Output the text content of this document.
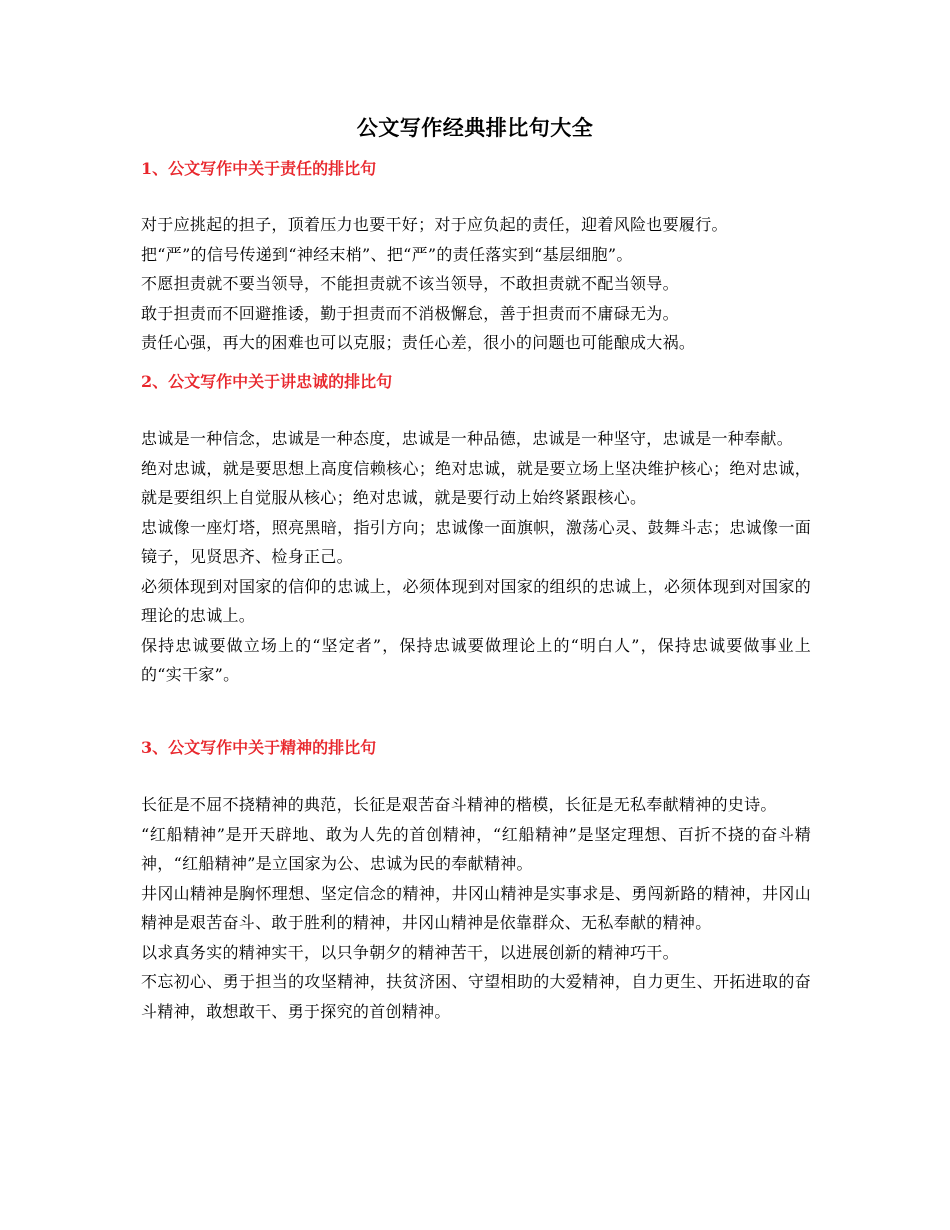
公文写作经典排比句大全
1、公文写作中关于责任的排比句

对于应挑起的担子，顶着压力也要干好；对于应负起的责任，迎着风险也要履行。

把“严”的信号传递到“神经末梢”、把“严”的责任落实到“基层细胞”。

不愿担责就不要当领导，不能担责就不该当领导，不敢担责就不配当领导。

敢于担责而不回避推诿，勤于担责而不消极懈怠，善于担责而不庸碌无为。

责任心强，再大的困难也可以克服；责任心差，很小的问题也可能酿成大祸。

2、公文写作中关于讲忠诚的排比句

忠诚是一种信念，忠诚是一种态度，忠诚是一种品德，忠诚是一种坚守，忠诚是一种奉献。

绝对忠诚，就是要思想上高度信赖核心；绝对忠诚，就是要立场上坚决维护核心；绝对忠诚，就是要组织上自觉服从核心；绝对忠诚，就是要行动上始终紧跟核心。

忠诚像一座灯塔，照亮黑暗，指引方向；忠诚像一面旗帜，激荡心灵、鼓舞斗志；忠诚像一面镜子，见贤思齐、检身正己。

必须体现到对国家的信仰的忠诚上，必须体现到对国家的组织的忠诚上，必须体现到对国家的理论的忠诚上。

保持忠诚要做立场上的“坚定者”，保持忠诚要做理论上的“明白人”，保持忠诚要做事业上的“实干家”。

3、公文写作中关于精神的排比句

长征是不屈不挠精神的典范，长征是艰苦奋斗精神的楷模，长征是无私奉献精神的史诗。

“红船精神”是开天辟地、敢为人先的首创精神，“红船精神”是坚定理想、百折不挠的奋斗精神，“红船精神”是立国家为公、忠诚为民的奉献精神。

井冈山精神是胸怀理想、坚定信念的精神，井冈山精神是实事求是、勇闯新路的精神，井冈山精神是艰苦奋斗、敢于胜利的精神，井冈山精神是依靠群众、无私奉献的精神。

以求真务实的精神实干，以只争朝夕的精神苦干，以进展创新的精神巧干。

不忘初心、勇于担当的攻坚精神，扶贫济困、守望相助的大爱精神，自力更生、开拓进取的奋斗精神，敢想敢干、勇于探究的首创精神。
